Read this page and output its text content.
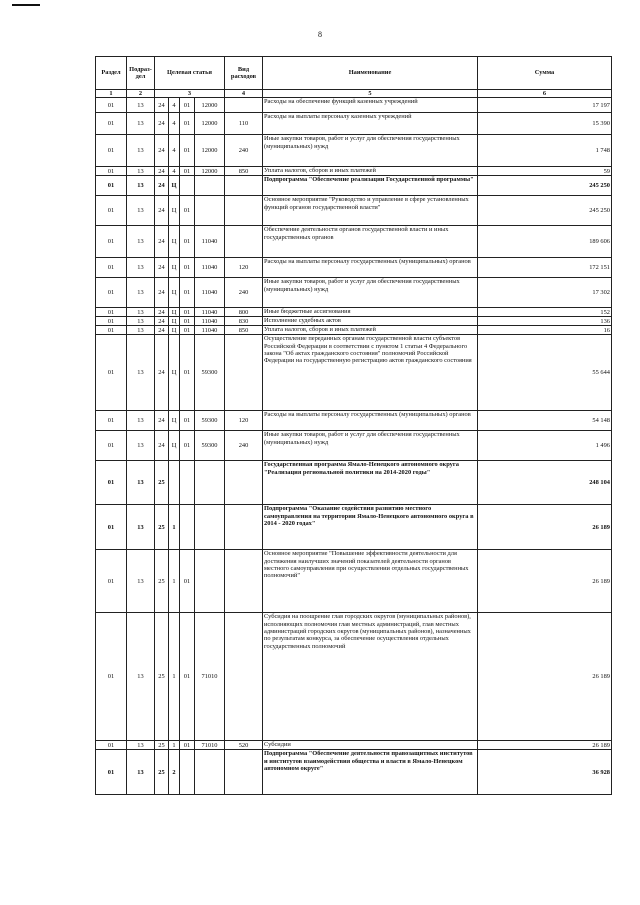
8
Раздел	Подраз-
дел	Целевая статья				Вид
расходов	Наименование	Сумма
1	2	3				4	5	6
01	13	24	4	01	12000		Расходы на обеспечение функций казенных учреждений	17 197
01	13	24	4	01	12000	110	Расходы на выплаты персоналу казенных учреждений	15 390
01	13	24	4	01	12000	240	Иные закупки товаров, работ и услуг для обеспечения государственных (муниципальных) нужд	1 748
01	13	24	4	01	12000	850	Уплата налогов, сборов и иных платежей	59
01	13	24	Ц				Подпрограмма "Обеспечение реализации Государственной программы"	245 250
01	13	24	Ц	01			Основное мероприятие "Руководство и управление в сфере установленных функций органов государственной власти"	245 250
01	13	24	Ц	01	11040		Обеспечение деятельности органов государственной власти и иных государственных органов	189 606
01	13	24	Ц	01	11040	120	Расходы на выплаты персоналу государственных (муниципальных) органов	172 151
01	13	24	Ц	01	11040	240	Иные закупки товаров, работ и услуг для обеспечения государственных (муниципальных) нужд	17 302
01	13	24	Ц	01	11040	800	Иные бюджетные ассигнования	152
01	13	24	Ц	01	11040	830	Исполнение судебных актов	136
01	13	24	Ц	01	11040	850	Уплата налогов, сборов и иных платежей	16
01	13	24	Ц	01	59300		Осуществление переданных органам государственной власти субъектов Российской Федерации в соответствии с пунктом 1 статьи 4 Федерального закона "Об актах гражданского состояния" полномочий Российской Федерации на государственную регистрацию актов гражданского состояния	55 644
01	13	24	Ц	01	59300	120	Расходы на выплаты персоналу государственных (муниципальных) органов	54 148
01	13	24	Ц	01	59300	240	Иные закупки товаров, работ и услуг для обеспечения государственных (муниципальных) нужд	1 496
01	13	25					Государственная программа Ямало-Ненецкого автономного округа "Реализация региональной политики на 2014-2020 годы"	248 104
01	13	25	1				Подпрограмма "Оказание содействия развитию местного самоуправления на территории Ямало-Ненецкого автономного округа в 2014 - 2020 годах"	26 189
01	13	25	1	01			Основное мероприятие "Повышение эффективности деятельности для достижения наилучших значений показателей деятельности органов местного самоуправления при осуществлении отдельных государственных полномочий"	26 189
01	13	25	1	01	71010		Субсидия на поощрение глав городских округов (муниципальных районов), исполняющих полномочия глав местных администраций, глав местных администраций городских округов (муниципальных районов), назначенных по результатам конкурса, за обеспечение осуществления отдельных государственных полномочий	26 189
01	13	25	1	01	71010	520	Субсидии	26 189
01	13	25	2				Подпрограмма "Обеспечение деятельности правозащитных институтов и институтов взаимодействия общества и власти в Ямало-Ненецком автономном округе"	36 928
